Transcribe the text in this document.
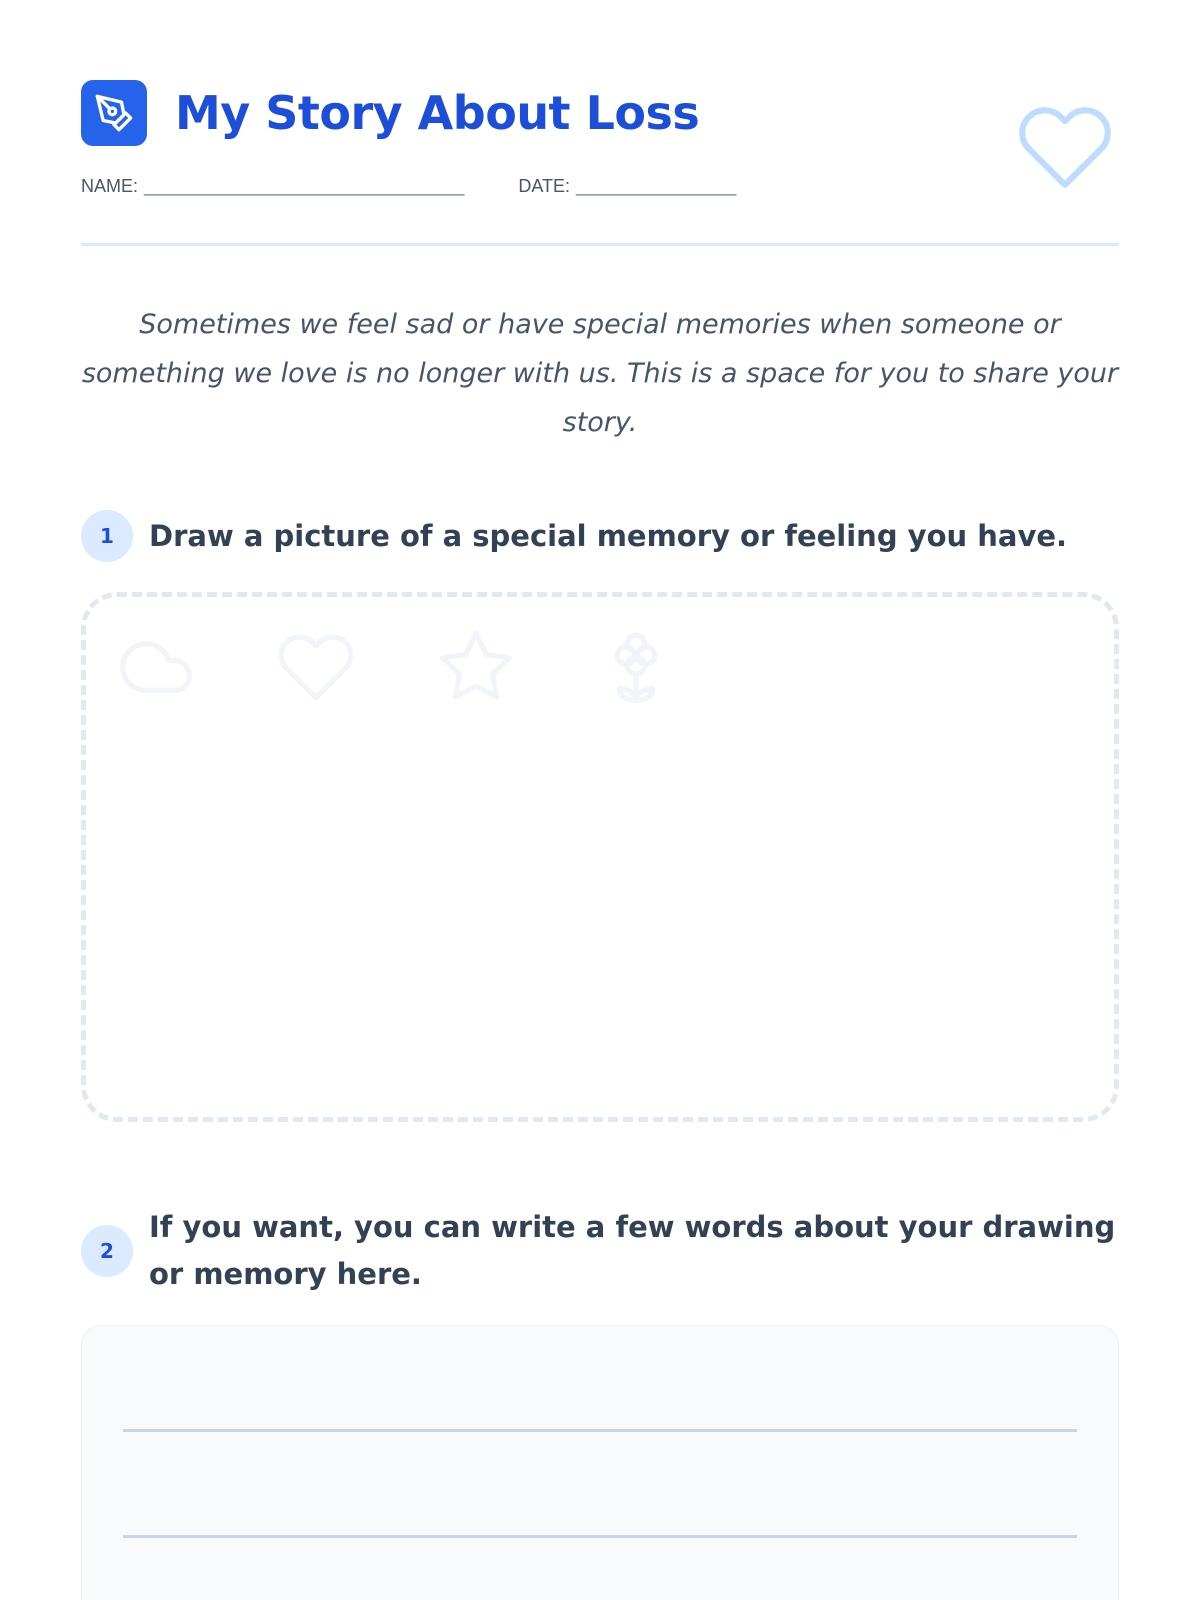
My Story About Loss
NAME: ________________________________	DATE: ________________
Sometimes we feel sad or have special memories when someone or something we love is no longer with us. This is a space for you to share your story.
1	Draw a picture of a special memory or feeling you have.
2
If you want, you can write a few words about your drawing or memory here.
